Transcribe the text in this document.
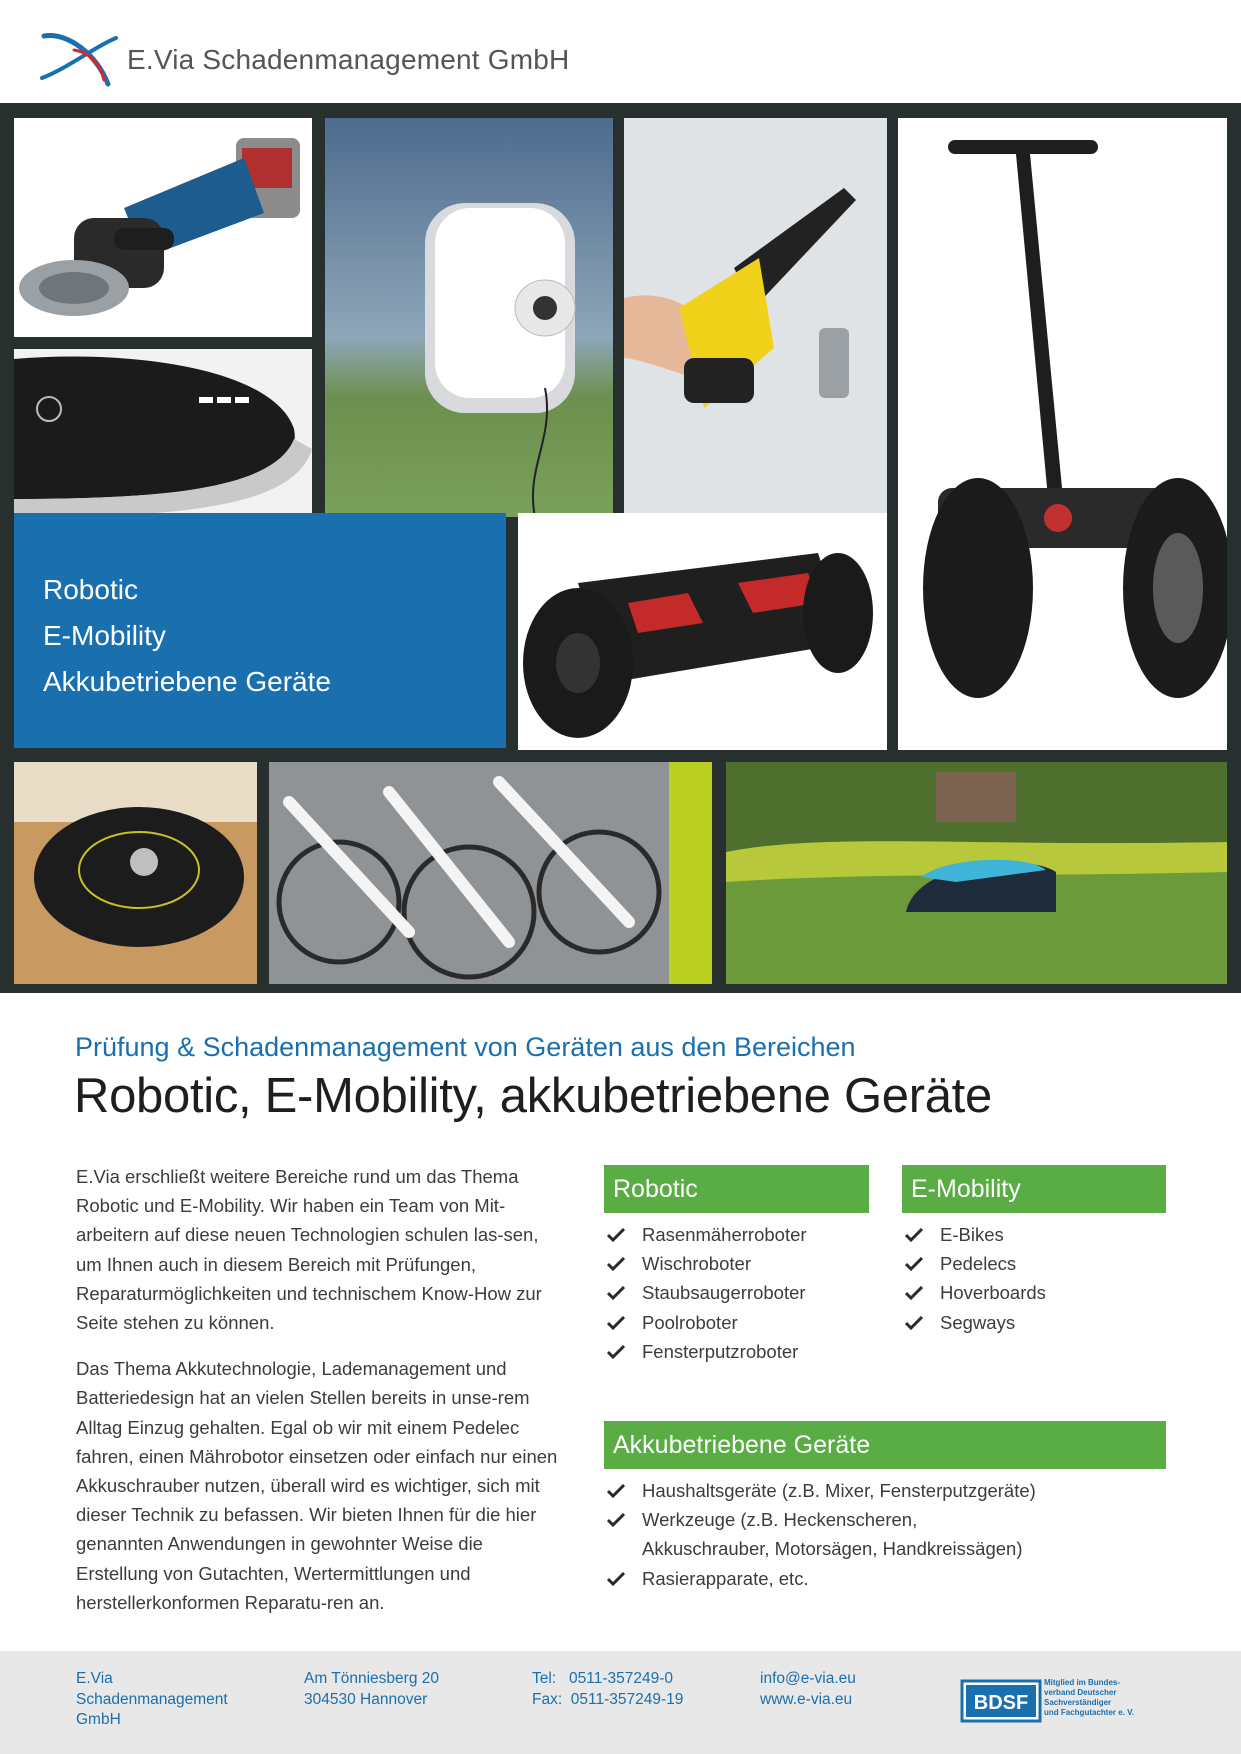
E.Via Schadenmanagement GmbH
Robotic
E-Mobility
Akkubetriebene Geräte
Prüfung & Schadenmanagement von Geräten aus den Bereichen
Robotic, E-Mobility, akkubetriebene Geräte

E.Via erschließt weitere Bereiche rund um das Thema Robotic und E-Mobility. Wir haben ein Team von Mit-arbeitern auf diese neuen Technologien schulen las-sen, um Ihnen auch in diesem Bereich mit Prüfungen, Reparaturmöglichkeiten und technischem Know-How zur Seite stehen zu können.

Das Thema Akkutechnologie, Lademanagement und Batteriedesign hat an vielen Stellen bereits in unse-rem Alltag Einzug gehalten. Egal ob wir mit einem Pedelec fahren, einen Mährobotor einsetzen oder einfach nur einen Akkuschrauber nutzen, überall wird es wichtiger, sich mit dieser Technik zu befassen. Wir bieten Ihnen für die hier genannten Anwendungen in gewohnter Weise die Erstellung von Gutachten, Wertermittlungen und herstellerkonformen Reparatu-ren an.

Robotic
Rasenmäherroboter
Wischroboter
Staubsaugerroboter
Poolroboter
Fensterputzroboter
E-Mobility
E-Bikes
Pedelecs
Hoverboards
Segways
Akkubetriebene Geräte
Haushaltsgeräte (z.B. Mixer, Fensterputzgeräte)
Werkzeuge (z.B. Heckenscheren, Akkuschrauber, Motorsägen, Handkreissägen)
Rasierapparate, etc.
E.Via
Schadenmanagement
GmbH
Am Tönniesberg 20
304530 Hannover
Tel:   0511-357249-0
Fax:  0511-357249-19
info@e-via.eu
www.e-via.eu	BDSF
Mitglied im Bundes-
verband Deutscher
Sachverständiger
und Fachgutachter e. V.
